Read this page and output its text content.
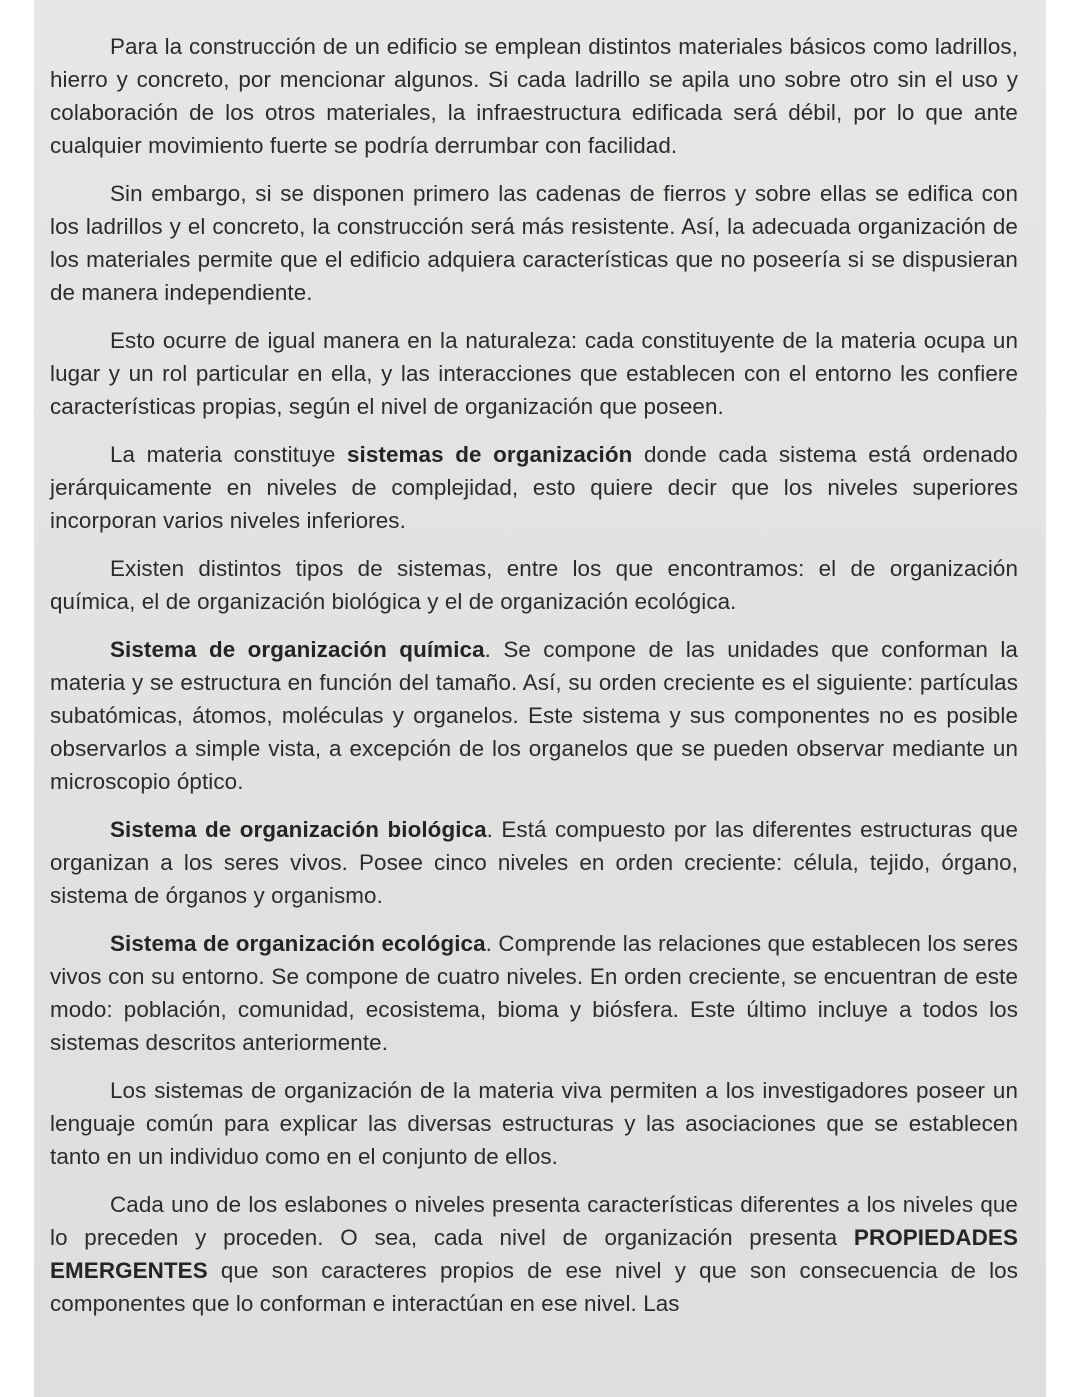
Para la construcción de un edificio se emplean distintos materiales básicos como ladrillos, hierro y concreto, por mencionar algunos. Si cada ladrillo se apila uno sobre otro sin el uso y colaboración de los otros materiales, la infraestructura edificada será débil, por lo que ante cualquier movimiento fuerte se podría derrumbar con facilidad.

Sin embargo, si se disponen primero las cadenas de fierros y sobre ellas se edifica con los ladrillos y el concreto, la construcción será más resistente. Así, la adecuada organización de los materiales permite que el edificio adquiera características que no poseería si se dispusieran de manera independiente.

Esto ocurre de igual manera en la naturaleza: cada constituyente de la materia ocupa un lugar y un rol particular en ella, y las interacciones que establecen con el entorno les confiere características propias, según el nivel de organización que poseen.

La materia constituye sistemas de organización donde cada sistema está ordenado jerárquicamente en niveles de complejidad, esto quiere decir que los niveles superiores incorporan varios niveles inferiores.

Existen distintos tipos de sistemas, entre los que encontramos: el de organización química, el de organización biológica y el de organización ecológica.

Sistema de organización química. Se compone de las unidades que conforman la materia y se estructura en función del tamaño. Así, su orden creciente es el siguiente: partículas subatómicas, átomos, moléculas y organelos. Este sistema y sus componentes no es posible observarlos a simple vista, a excepción de los organelos que se pueden observar mediante un microscopio óptico.

Sistema de organización biológica. Está compuesto por las diferentes estructuras que organizan a los seres vivos. Posee cinco niveles en orden creciente: célula, tejido, órgano, sistema de órganos y organismo.

Sistema de organización ecológica. Comprende las relaciones que establecen los seres vivos con su entorno. Se compone de cuatro niveles. En orden creciente, se encuentran de este modo: población, comunidad, ecosistema, bioma y biósfera. Este último incluye a todos los sistemas descritos anteriormente.

Los sistemas de organización de la materia viva permiten a los investigadores poseer un lenguaje común para explicar las diversas estructuras y las asociaciones que se establecen tanto en un individuo como en el conjunto de ellos.

Cada uno de los eslabones o niveles presenta características diferentes a los niveles que lo preceden y proceden. O sea, cada nivel de organización presenta PROPIEDADES EMERGENTES que son caracteres propios de ese nivel y que son consecuencia de los componentes que lo conforman e interactúan en ese nivel. Las
